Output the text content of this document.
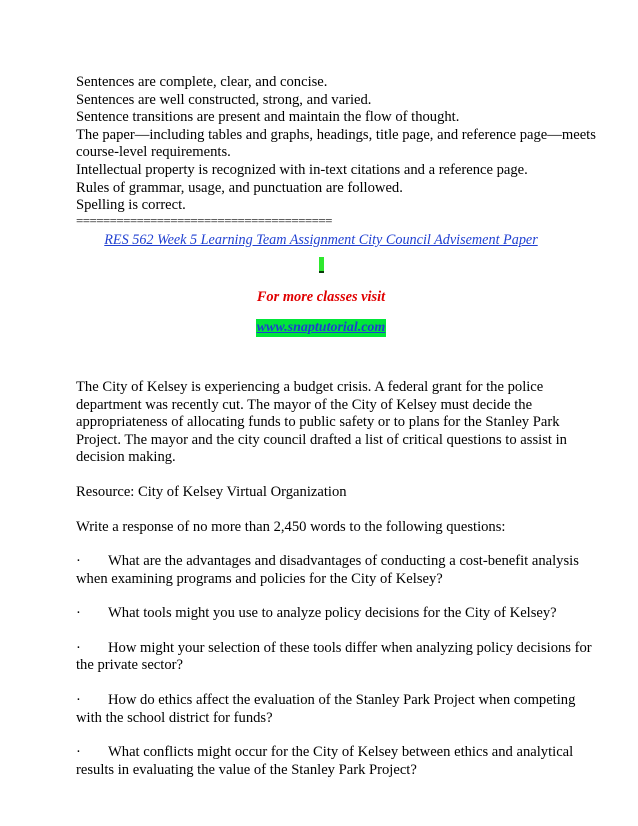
Sentences are complete, clear, and concise.
Sentences are well constructed, strong, and varied.
Sentence transitions are present and maintain the flow of thought.
The paper—including tables and graphs, headings, title page, and reference page—meets
course-level requirements.
Intellectual property is recognized with in-text citations and a reference page.
Rules of grammar, usage, and punctuation are followed.
Spelling is correct.
======================================
RES 562 Week 5 Learning Team Assignment City Council Advisement Paper
For more classes visit
www.snaptutorial.com
The City of Kelsey is experiencing a budget crisis. A federal grant for the police
department was recently cut. The mayor of the City of Kelsey must decide the
appropriateness of allocating funds to public safety or to plans for the Stanley Park
Project. The mayor and the city council drafted a list of critical questions to assist in
decision making.
Resource: City of Kelsey Virtual Organization
Write a response of no more than 2,450 words to the following questions:
· What are the advantages and disadvantages of conducting a cost-benefit analysis
when examining programs and policies for the City of Kelsey?
· What tools might you use to analyze policy decisions for the City of Kelsey?
· How might your selection of these tools differ when analyzing policy decisions for
the private sector?
· How do ethics affect the evaluation of the Stanley Park Project when competing
with the school district for funds?
· What conflicts might occur for the City of Kelsey between ethics and analytical
results in evaluating the value of the Stanley Park Project?
